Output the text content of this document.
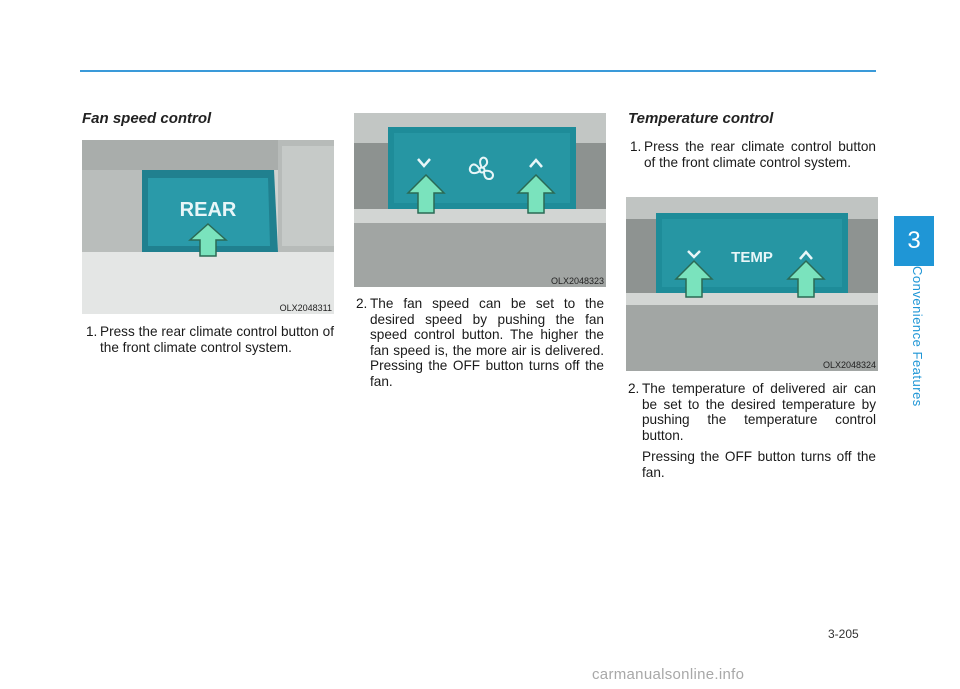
Fan speed control
REAR
OLX2048311
1. Press the rear climate control button of the front climate control system.

OLX2048323
2. The fan speed can be set to the desired speed by pushing the fan speed control button. The higher the fan speed is, the more air is delivered. Pressing the OFF button turns off the fan.

Temperature control
1. Press the rear climate control button of the front climate control system.

TEMP
OLX2048324
2. The temperature of delivered air can be set to the desired temperature by pushing the temperature control button.

Pressing the OFF button turns off the fan.

3
Convenience Features
3-205
carmanualsonline.info
